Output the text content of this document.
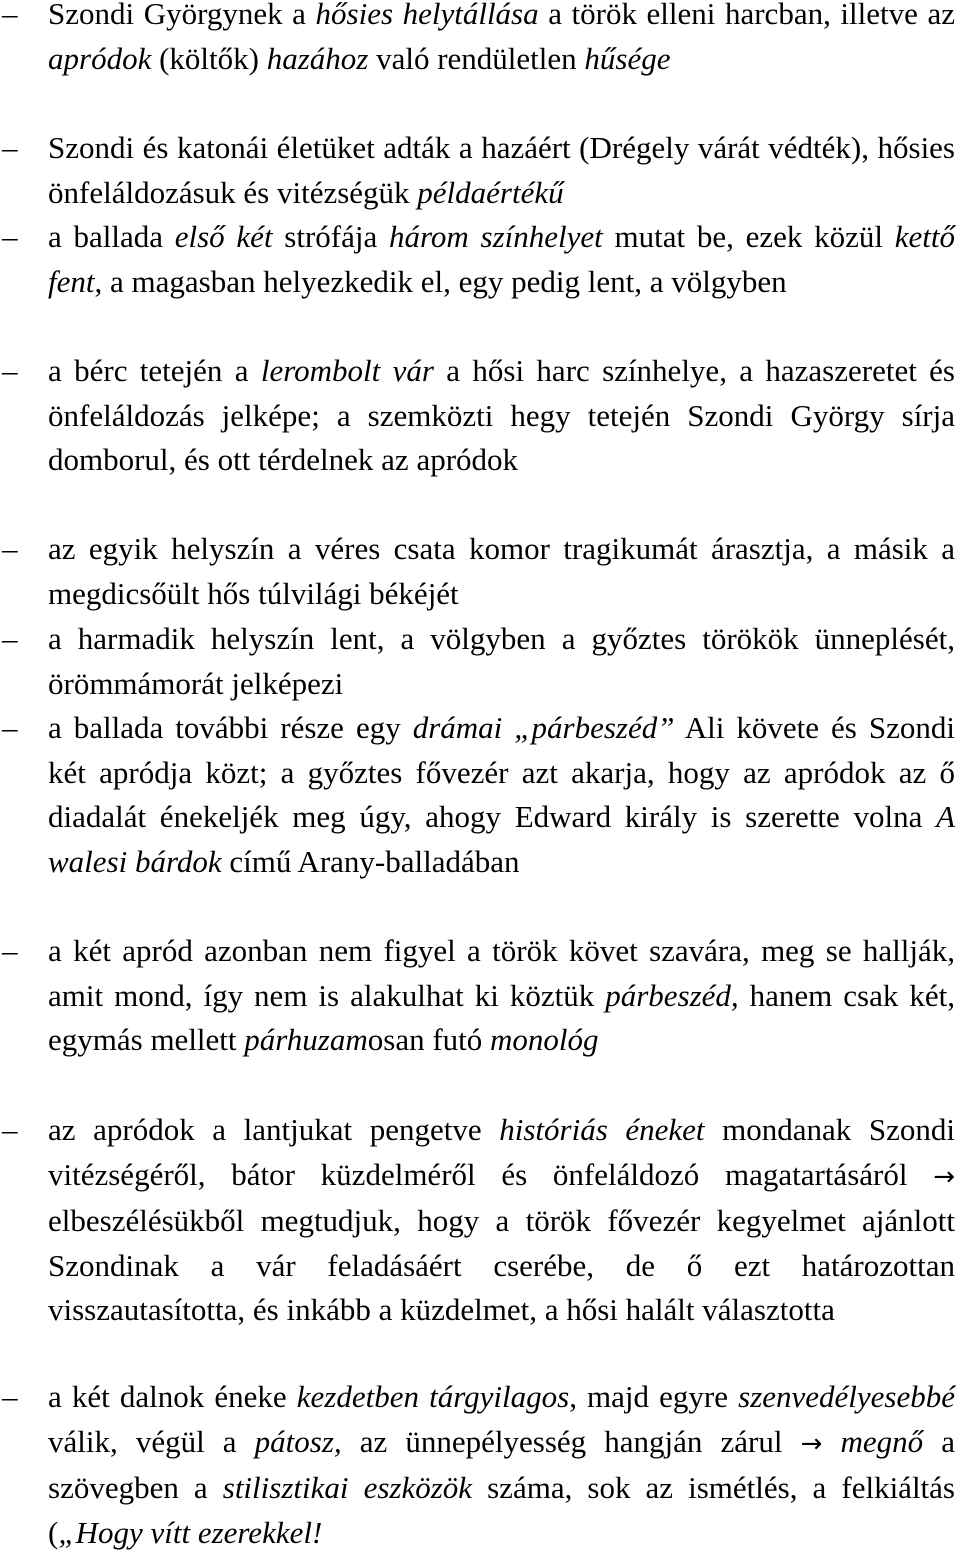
– Szondi Györgynek a hősies helytállása a török elleni harcban, illetve az apródok (költők) hazához való rendületlen hűsége
– Szondi és katonái életüket adták a hazáért (Drégely várát védték), hősies önfeláldozásuk és vitézségük példaértékű
– a ballada első két strófája három színhelyet mutat be, ezek közül kettő fent, a magasban helyezkedik el, egy pedig lent, a völgyben
– a bérc tetején a lerombolt vár a hősi harc színhelye, a hazaszeretet és önfeláldozás jelképe; a szemközti hegy tetején Szondi György sírja domborul, és ott térdelnek az apródok
– az egyik helyszín a véres csata komor tragikumát árasztja, a másik a megdicsőült hős túlvilági békéjét
– a harmadik helyszín lent, a völgyben a győztes törökök ünneplését, örömmámorát jelképezi
– a ballada további része egy drámai „párbeszéd” Ali követe és Szondi két apródja közt; a győztes fővezér azt akarja, hogy az apródok az ő diadalát énekeljék meg úgy, ahogy Edward király is szerette volna A walesi bárdok című Arany-balladában
– a két apród azonban nem figyel a török követ szavára, meg se hallják, amit mond, így nem is alakulhat ki köztük párbeszéd, hanem csak két, egymás mellett párhuzamosan futó monológ
– az apródok a lantjukat pengetve históriás éneket mondanak Szondi vitézségéről, bátor küzdelméről és önfeláldozó magatartásáról → elbeszélésükből megtudjuk, hogy a török fővezér kegyelmet ajánlott Szondinak a vár feladásáért cserébe, de ő ezt határozottan visszautasította, és inkább a küzdelmet, a hősi halált választotta
– a két dalnok éneke kezdetben tárgyilagos, majd egyre szenvedélyesebbé válik, végül a pátosz, az ünnepélyesség hangján zárul → megnő a szövegben a stilisztikai eszközök száma, sok az ismétlés, a felkiáltás („Hogy vítt ezerekkel!
